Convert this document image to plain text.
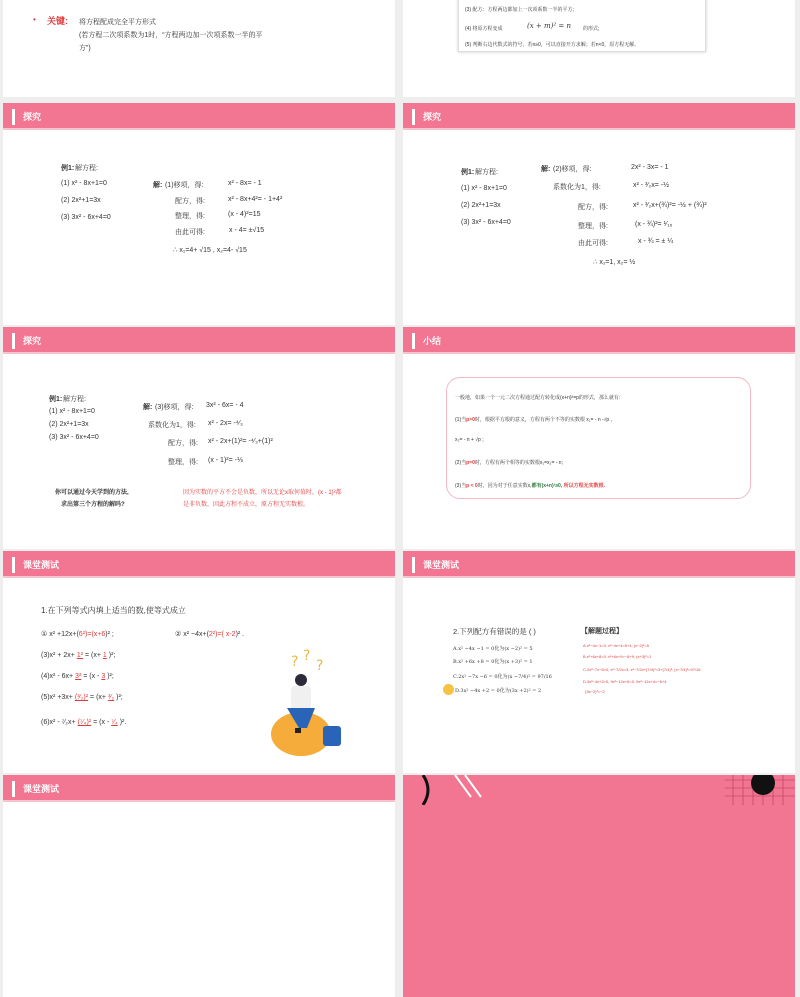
• 关键: 将方程配成完全平方形式
(若方程二次项系数为1时，“方程两边加一次项系数一半的平
方”)
(3) 配方：方程两边都加上一次项系数一半的平方;
(4) 将原方程变成	(x + m)² = n 的形式;
(5) 判断右边代数式的符号，若n≥0，可以直接开方求解；若n<0，原方程无解。
探究
例1: 解方程:
(1) x² - 8x+1=0
(2) 2x²+1=3x
(3) 3x² - 6x+4=0
解: (1)移项，得:	x² - 8x= - 1
配方，得:	x² - 8x+4²= - 1+4²
整理，得:	(x - 4)²=15
由此可得:	x - 4= ±√15
∴ x₁=4+ √15 , x₂=4- √15
探究
例1: 解方程:
(1) x² - 8x+1=0
(2) 2x²+1=3x
(3) 3x² - 6x+4=0
解: (2)移项，得:	2x² - 3x= - 1
系数化为1，得:	x² - ³⁄₂x= -½
配方，得:	x² - ³⁄₂x+(¾)²= -½ + (¾)²
整理，得:	(x - ¾)²= ¹⁄₁₆
由此可得:	x - ¾ = ± ¼
∴ x₁=1, x₂= ½
探究
例1: 解方程:
(1) x² - 8x+1=0
(2) 2x²+1=3x
(3) 3x² - 6x+4=0
解: (3)移项，得: 3x² - 6x= - 4
系数化为1，得: x² - 2x= -⁴⁄₃
配方，得: x² - 2x+(1)²= -⁴⁄₃+(1)²
整理，得: (x - 1)²= -⅓
你可以通过今天学到的方法,
求出第三个方程的解吗?
因为实数的平方不会是负数，所以无论x取何值时，(x - 1)²都
是非负数，因此方程不成立，原方程无实数根。
小结
一般地，如果一个一元二次方程通过配方转化成(x+n)²=p的形式，那么就有:
(1)当p>0时，根据平方根的意义，方程有两个不等的实数根 x₁= - n -√p ,
x₂= - n + √p ;
(2)当p=0时，方程有两个相等的实数根x₁=x₂= - n;
(3)当p < 0时，因为对于任意实数x,都有(x+n)²≥0, 所以方程无实数根.
课堂测试
1.在下列等式内填上适当的数,使等式成立
① x² +12x+(6²)=(x+6)² ;	② x² −4x+(2²)=( x-2)² .
(3)x² + 2x+ 1² = (x+ 1 )²;
(4)x² - 6x+ 3² = (x - 3 )²;
(5)x² +3x+ (³⁄₂)² = (x+ ³⁄₂ )²;
(6)x² - ⁷⁄₂x+ (⁷⁄₄)² = (x - ⁷⁄₄ )².
? ?
?
课堂测试
2.下列配方有错误的是 ( )	【解题过程】
A.x² −4x −1 = 0化为(x −2)² = 5
B.x² +6x +8 = 0化为(x +3)² = 1
C.2x² −7x −6 = 0化为(x −7/4)² = 97/16
D.3x² −4x +2 = 0化为(3x +2)² = 2
A.x²−4x−1=0, x²−4x+4=5+4, (x−2)²=5
B.x²+6x+8=0, x²+6x+9=−8+9, (x+3)²=1
C.2x²−7x−6=0, x²−7/2x=3, x²−7/2x+(7/4)²=3+(7/4)², (x−7/4)²=97/16
D.3x²−4x+2=0, 9x²−12x+6=0, 9x²−12x+4=−6+4
(3x−2)²=−2
课堂测试
